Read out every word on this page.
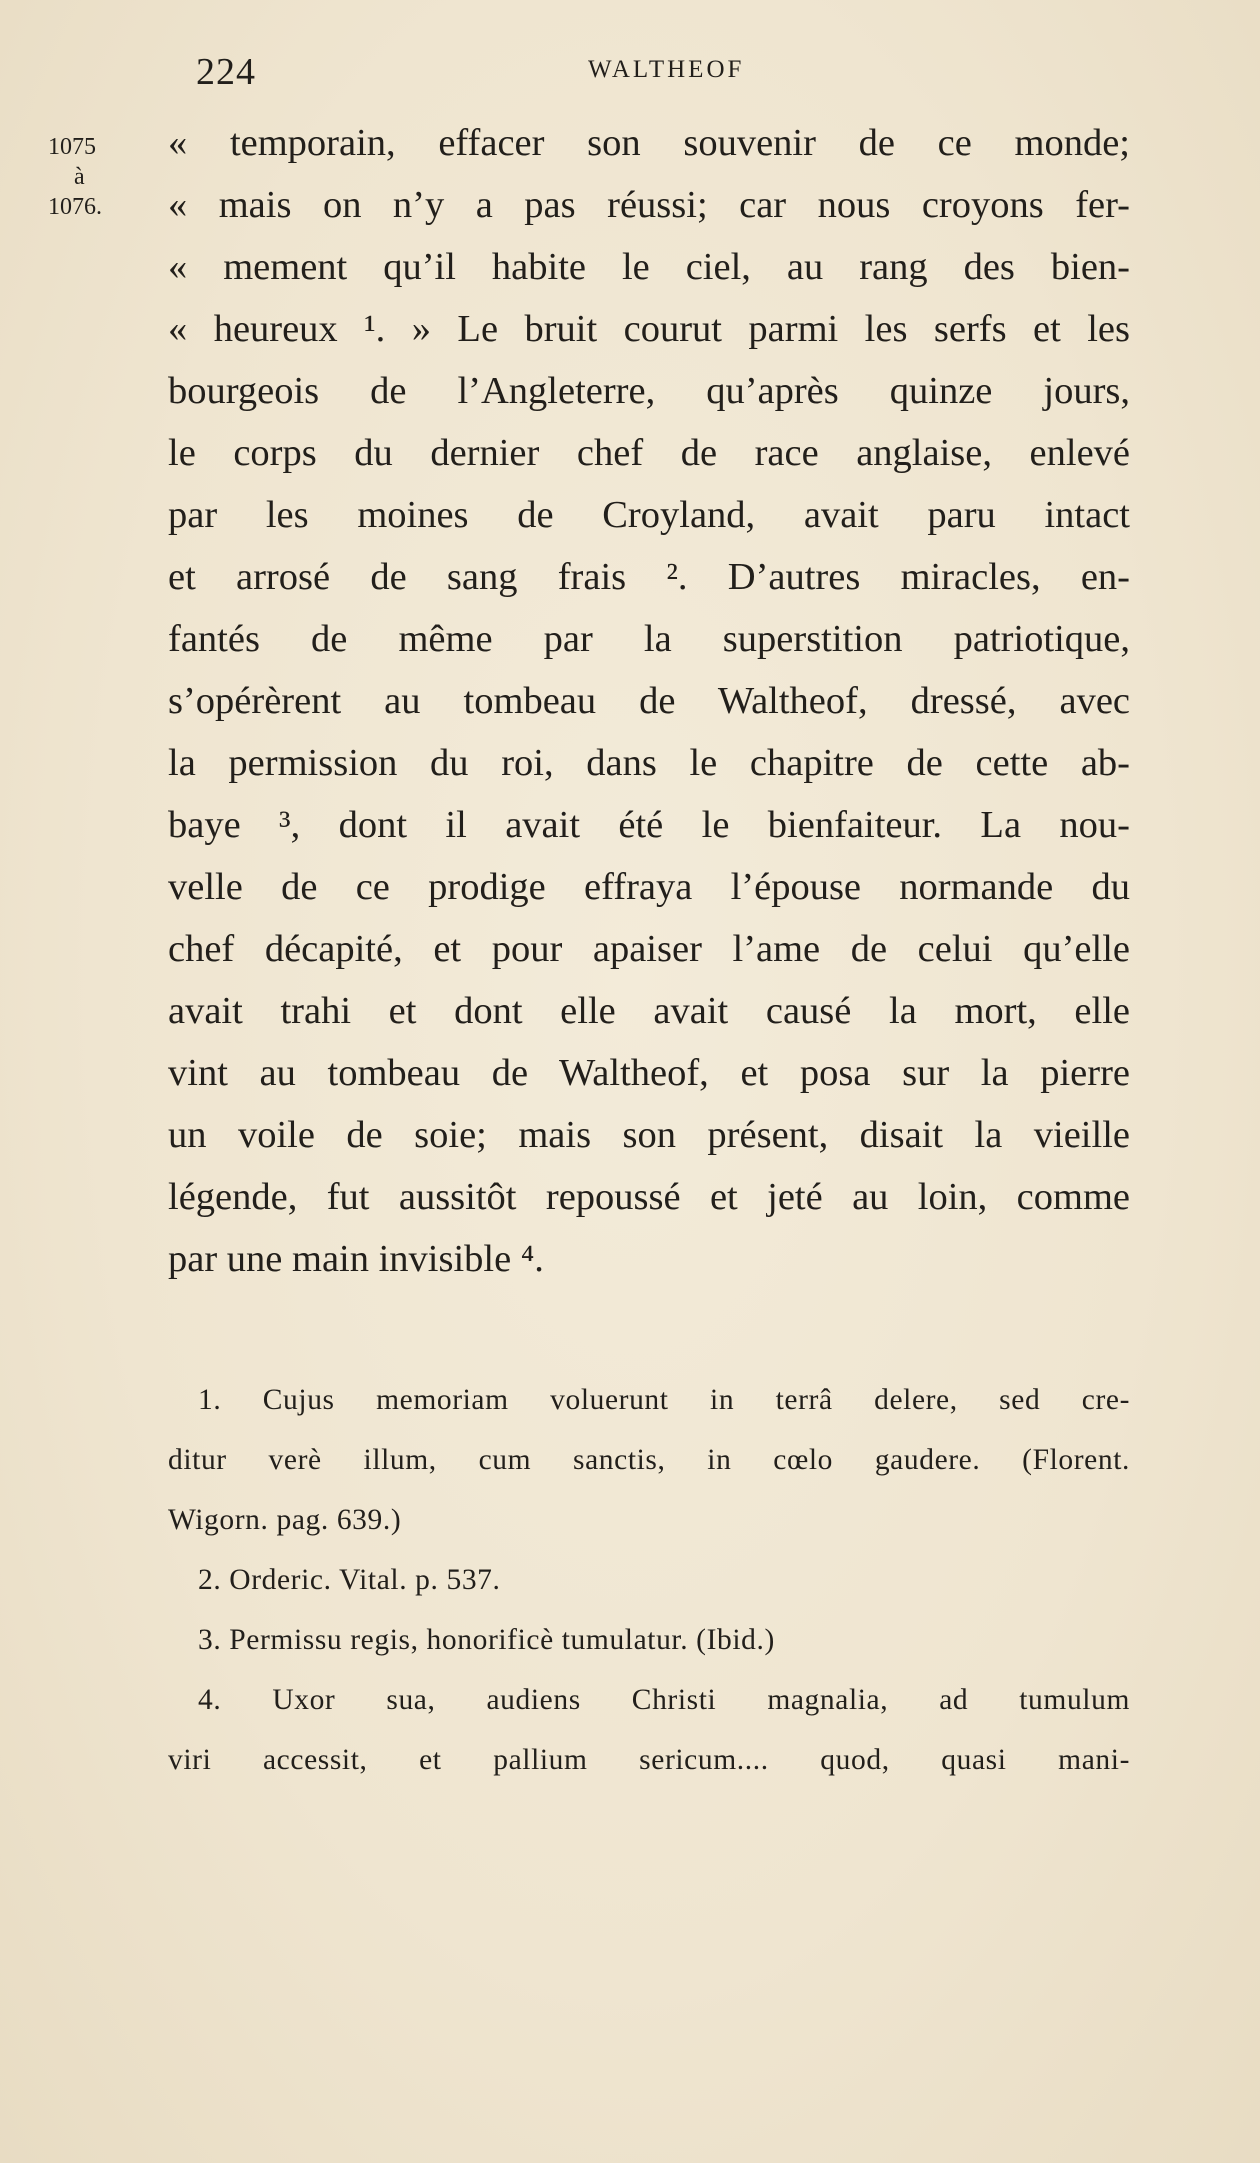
224	WALTHEOF
1075
à
1076.
« temporain, effacer son souvenir de ce monde;
« mais on n’y a pas réussi; car nous croyons fer-
« mement qu’il habite le ciel, au rang des bien-
« heureux ¹. » Le bruit courut parmi les serfs et les
bourgeois de l’Angleterre, qu’après quinze jours,
le corps du dernier chef de race anglaise, enlevé
par les moines de Croyland, avait paru intact
et arrosé de sang frais ². D’autres miracles, en-
fantés de même par la superstition patriotique,
s’opérèrent au tombeau de Waltheof, dressé, avec
la permission du roi, dans le chapitre de cette ab-
baye ³, dont il avait été le bienfaiteur. La nou-
velle de ce prodige effraya l’épouse normande du
chef décapité, et pour apaiser l’ame de celui qu’elle
avait trahi et dont elle avait causé la mort, elle
vint au tombeau de Waltheof, et posa sur la pierre
un voile de soie; mais son présent, disait la vieille
légende, fut aussitôt repoussé et jeté au loin, comme
par une main invisible ⁴.
1. Cujus memoriam voluerunt in terrâ delere, sed cre-
ditur verè illum, cum sanctis, in cœlo gaudere. (Florent.
Wigorn. pag. 639.)
2. Orderic. Vital. p. 537.
3. Permissu regis, honorificè tumulatur. (Ibid.)
4. Uxor sua, audiens Christi magnalia, ad tumulum
viri accessit, et pallium sericum.... quod, quasi mani-
